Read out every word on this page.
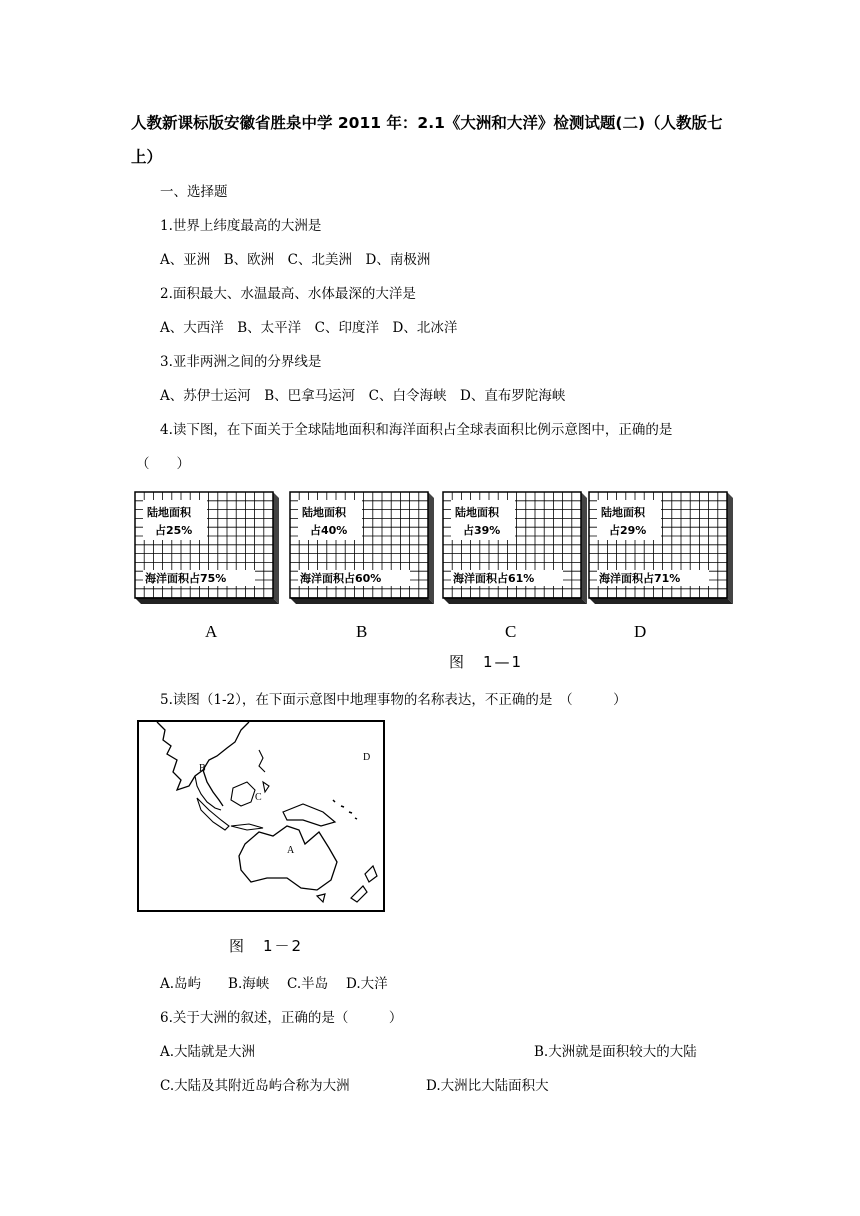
人教新课标版安徽省胜泉中学 2011 年：2.1《大洲和大洋》检测试题(二)（人教版七上）
一、选择题
1.世界上纬度最高的大洲是
A、亚洲　B、欧洲　C、北美洲　D、南极洲
2.面积最大、水温最高、水体最深的大洋是
A、大西洋　B、太平洋　C、印度洋　D、北冰洋
3.亚非两洲之间的分界线是
A、苏伊士运河　B、巴拿马运河　C、白令海峡　D、直布罗陀海峡
4.读下图，在下面关于全球陆地面积和海洋面积占全球表面积比例示意图中，正确的是
（　　）
陆地面积
占25%
海洋面积占75%
A
陆地面积
占40%
海洋面积占60%
B
陆地面积
占39%
海洋面积占61%
C
陆地面积
占29%
海洋面积占71%
D
图　1—1
5.读图（1-2），在下面示意图中地理事物的名称表达，不正确的是　（　　　）
A
B
C
D
图　1－2
A.岛屿　　B.海峡　 C.半岛　 D.大洋
6.关于大洲的叙述，正确的是（　　　）
A.大陆就是大洲	B.大洲就是面积较大的大陆
C.大陆及其附近岛屿合称为大洲	D.大洲比大陆面积大
